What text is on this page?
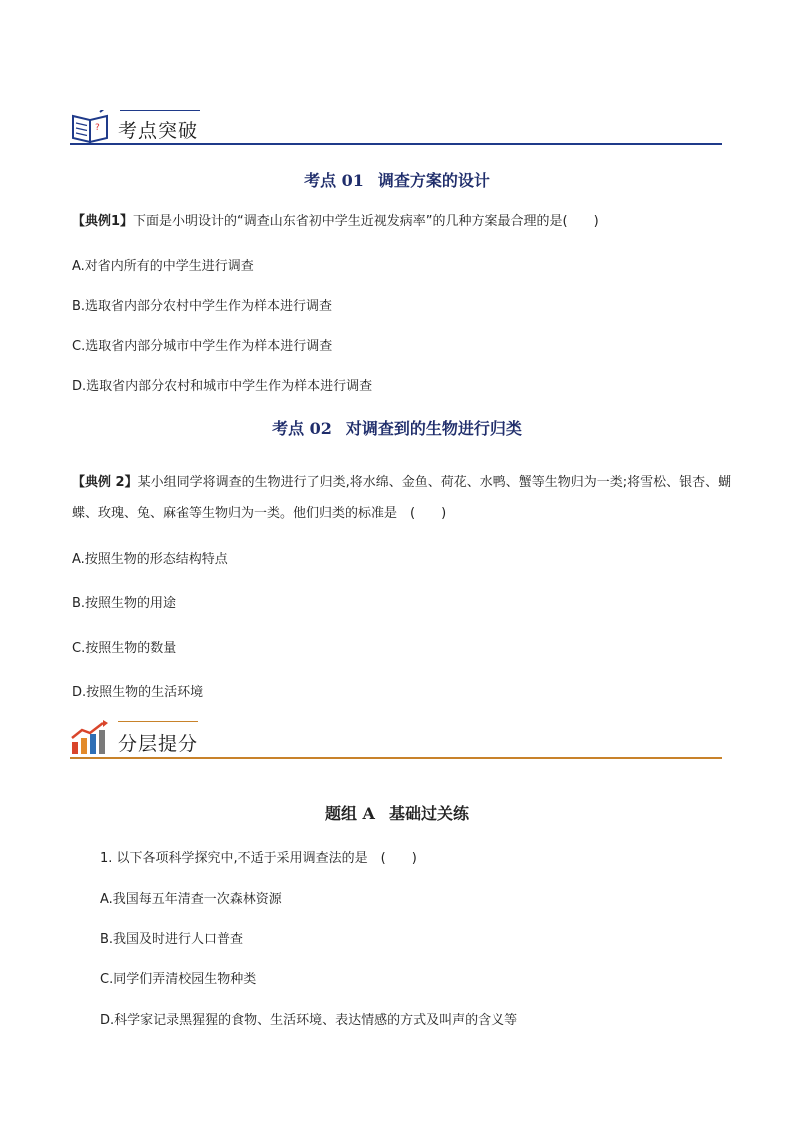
? 考点突破
考点 01 调查方案的设计
【典例1】下面是小明设计的“调查山东省初中学生近视发病率”的几种方案最合理的是(　　)
A.对省内所有的中学生进行调查
B.选取省内部分农村中学生作为样本进行调查
C.选取省内部分城市中学生作为样本进行调查
D.选取省内部分农村和城市中学生作为样本进行调查
考点 02 对调查到的生物进行归类
【典例 2】某小组同学将调查的生物进行了归类,将水绵、金鱼、荷花、水鸭、蟹等生物归为一类;将雪松、银杏、蝴蝶、玫瑰、兔、麻雀等生物归为一类。他们归类的标准是　(　　)
A.按照生物的形态结构特点
B.按照生物的用途
C.按照生物的数量
D.按照生物的生活环境
分层提分
题组 A 基础过关练
1. 以下各项科学探究中,不适于采用调查法的是　(　　)
A.我国每五年清查一次森林资源
B.我国及时进行人口普查
C.同学们弄清校园生物种类
D.科学家记录黑猩猩的食物、生活环境、表达情感的方式及叫声的含义等
